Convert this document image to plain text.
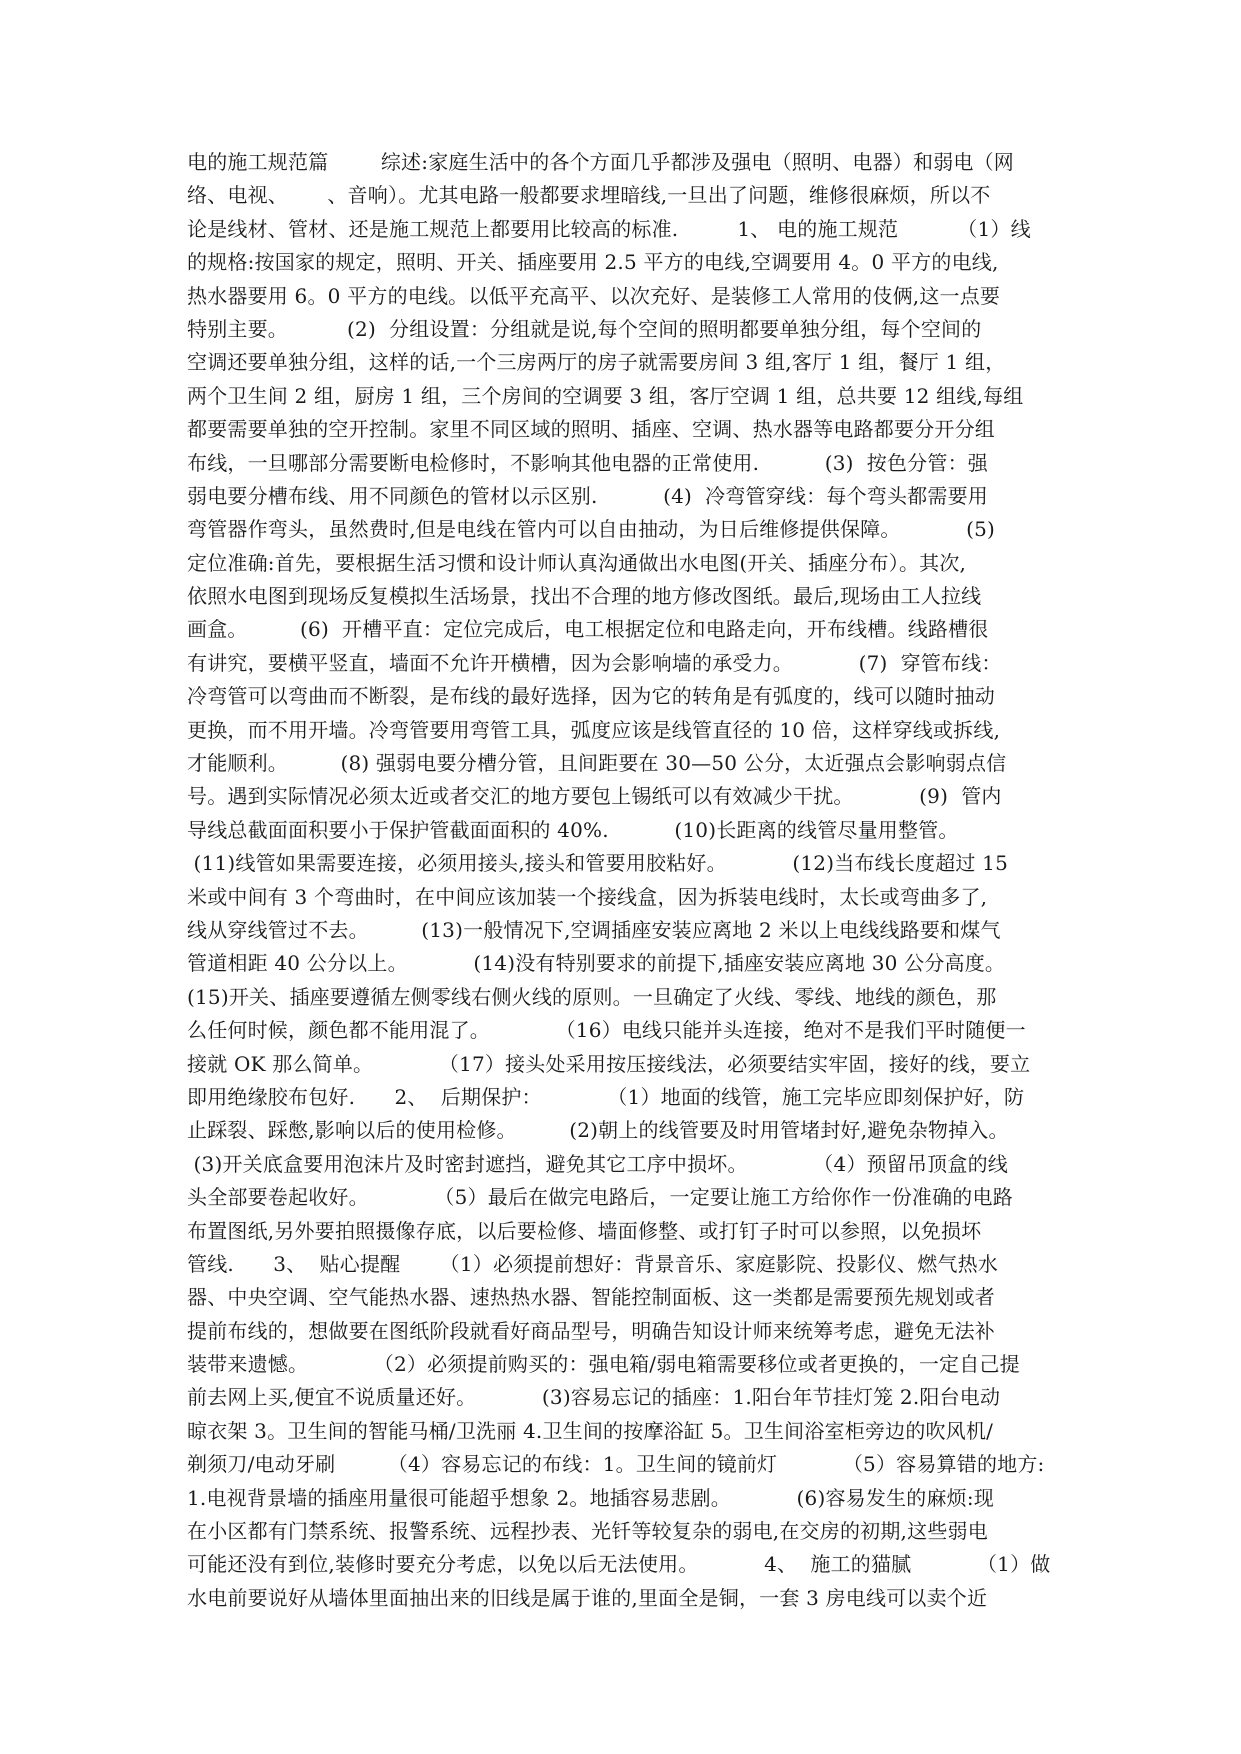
电的施工规范篇        综述:家庭生活中的各个方面几乎都涉及强电（照明、电器）和弱电（网
络、电视、      、音响）。尤其电路一般都要求埋暗线,一旦出了问题，维修很麻烦，所以不
论是线材、管材、还是施工规范上都要用比较高的标准.         1、 电的施工规范         （1）线
的规格:按国家的规定，照明、开关、插座要用 2.5 平方的电线,空调要用 4。0 平方的电线,
热水器要用 6。0 平方的电线。以低平充高平、以次充好、是装修工人常用的伎俩,这一点要
特别主要。         (2)  分组设置：分组就是说,每个空间的照明都要单独分组，每个空间的
空调还要单独分组，这样的话,一个三房两厅的房子就需要房间 3 组,客厅 1 组，餐厅 1 组，
两个卫生间 2 组，厨房 1 组，三个房间的空调要 3 组，客厅空调 1 组，总共要 12 组线,每组
都要需要单独的空开控制。家里不同区域的照明、插座、空调、热水器等电路都要分开分组
布线，一旦哪部分需要断电检修时，不影响其他电器的正常使用.          (3)  按色分管：强
弱电要分槽布线、用不同颜色的管材以示区别.          (4)  冷弯管穿线：每个弯头都需要用
弯管器作弯头，虽然费时,但是电线在管内可以自由抽动，为日后维修提供保障。          (5)
定位准确:首先，要根据生活习惯和设计师认真沟通做出水电图(开关、插座分布）。其次,
依照水电图到现场反复模拟生活场景，找出不合理的地方修改图纸。最后,现场由工人拉线
画盒。        (6)  开槽平直：定位完成后，电工根据定位和电路走向，开布线槽。线路槽很
有讲究，要横平竖直，墙面不允许开横槽，因为会影响墙的承受力。          (7)  穿管布线：
冷弯管可以弯曲而不断裂，是布线的最好选择，因为它的转角是有弧度的，线可以随时抽动
更换，而不用开墙。冷弯管要用弯管工具，弧度应该是线管直径的 10 倍，这样穿线或拆线,
才能顺利。        (8) 强弱电要分槽分管，且间距要在 30—50 公分，太近强点会影响弱点信
号。遇到实际情况必须太近或者交汇的地方要包上锡纸可以有效减少干扰。          (9)  管内
导线总截面面积要小于保护管截面面积的 40%.          (10)长距离的线管尽量用整管。
(11)线管如果需要连接，必须用接头,接头和管要用胶粘好。          (12)当布线长度超过 15
米或中间有 3 个弯曲时，在中间应该加装一个接线盒，因为拆装电线时，太长或弯曲多了,
线从穿线管过不去。        (13)一般情况下,空调插座安装应离地 2 米以上电线线路要和煤气
管道相距 40 公分以上。          (14)没有特别要求的前提下,插座安装应离地 30 公分高度。
(15)开关、插座要遵循左侧零线右侧火线的原则。一旦确定了火线、零线、地线的颜色，那
么任何时候，颜色都不能用混了。          （16）电线只能并头连接，绝对不是我们平时随便一
接就 OK 那么简单。          （17）接头处采用按压接线法，必须要结实牢固，接好的线，要立
即用绝缘胶布包好.      2、  后期保护：          （1）地面的线管，施工完毕应即刻保护好，防
止踩裂、踩憋,影响以后的使用检修。        (2)朝上的线管要及时用管堵封好,避免杂物掉入。
(3)开关底盒要用泡沫片及时密封遮挡，避免其它工序中损坏。          （4）预留吊顶盒的线
头全部要卷起收好。          （5）最后在做完电路后，一定要让施工方给你作一份准确的电路
布置图纸,另外要拍照摄像存底，以后要检修、墙面修整、或打钉子时可以参照，以免损坏
管线.      3、  贴心提醒      （1）必须提前想好：背景音乐、家庭影院、投影仪、燃气热水
器、中央空调、空气能热水器、速热热水器、智能控制面板、这一类都是需要预先规划或者
提前布线的，想做要在图纸阶段就看好商品型号，明确告知设计师来统筹考虑，避免无法补
装带来遗憾。          （2）必须提前购买的：强电箱/弱电箱需要移位或者更换的，一定自己提
前去网上买,便宜不说质量还好。          (3)容易忘记的插座：1.阳台年节挂灯笼 2.阳台电动
晾衣架 3。卫生间的智能马桶/卫洗丽 4.卫生间的按摩浴缸 5。卫生间浴室柜旁边的吹风机/
剃须刀/电动牙刷        （4）容易忘记的布线：1。卫生间的镜前灯          （5）容易算错的地方:
1.电视背景墙的插座用量很可能超乎想象 2。地插容易悲剧。          (6)容易发生的麻烦:现
在小区都有门禁系统、报警系统、远程抄表、光钎等较复杂的弱电,在交房的初期,这些弱电
可能还没有到位,装修时要充分考虑，以免以后无法使用。          4、  施工的猫腻          （1）做
水电前要说好从墙体里面抽出来的旧线是属于谁的,里面全是铜，一套 3 房电线可以卖个近
